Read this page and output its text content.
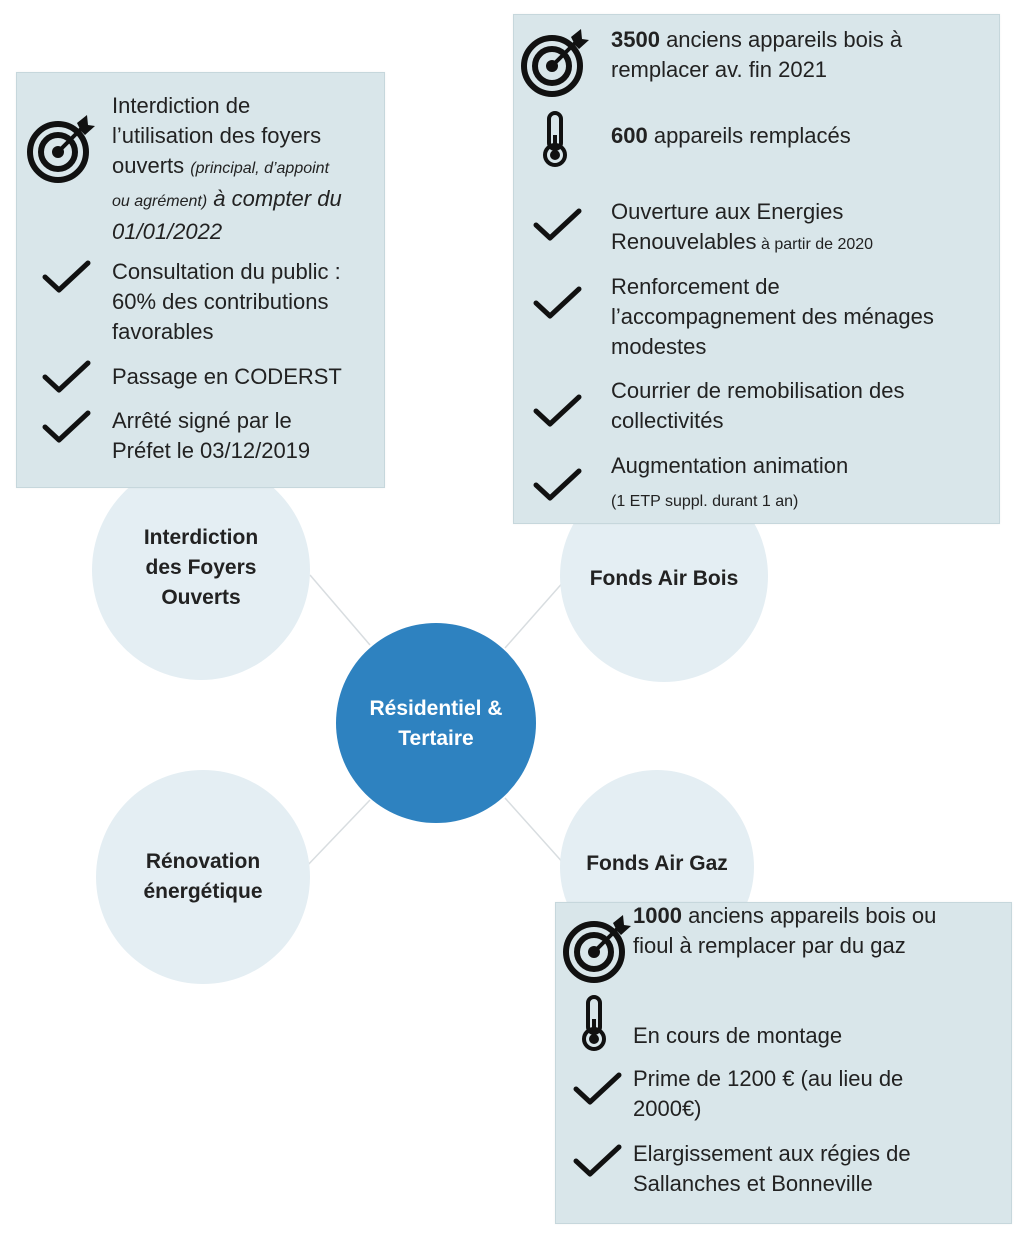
Interdiction
des Foyers
Ouverts
Fonds Air Bois
Rénovation
énergétique
Fonds Air Gaz
Résidentiel &
Tertaire
Interdiction de
l’utilisation des foyers
ouverts (principal, d’appoint
ou agrément) à compter du
01/01/2022
Consultation du public :
60% des contributions
favorables
Passage en CODERST
Arrêté signé par le
Préfet le 03/12/2019
3500 anciens appareils bois à
remplacer av. fin 2021
600 appareils remplacés
Ouverture aux Energies
Renouvelables à partir de 2020
Renforcement de
l’accompagnement des ménages
modestes
Courrier de remobilisation des
collectivités
Augmentation animation
(1 ETP suppl. durant 1 an)
1000 anciens appareils bois ou
fioul à remplacer par du gaz
En cours de montage
Prime de 1200 € (au lieu de
2000€)
Elargissement aux régies de
Sallanches et Bonneville
